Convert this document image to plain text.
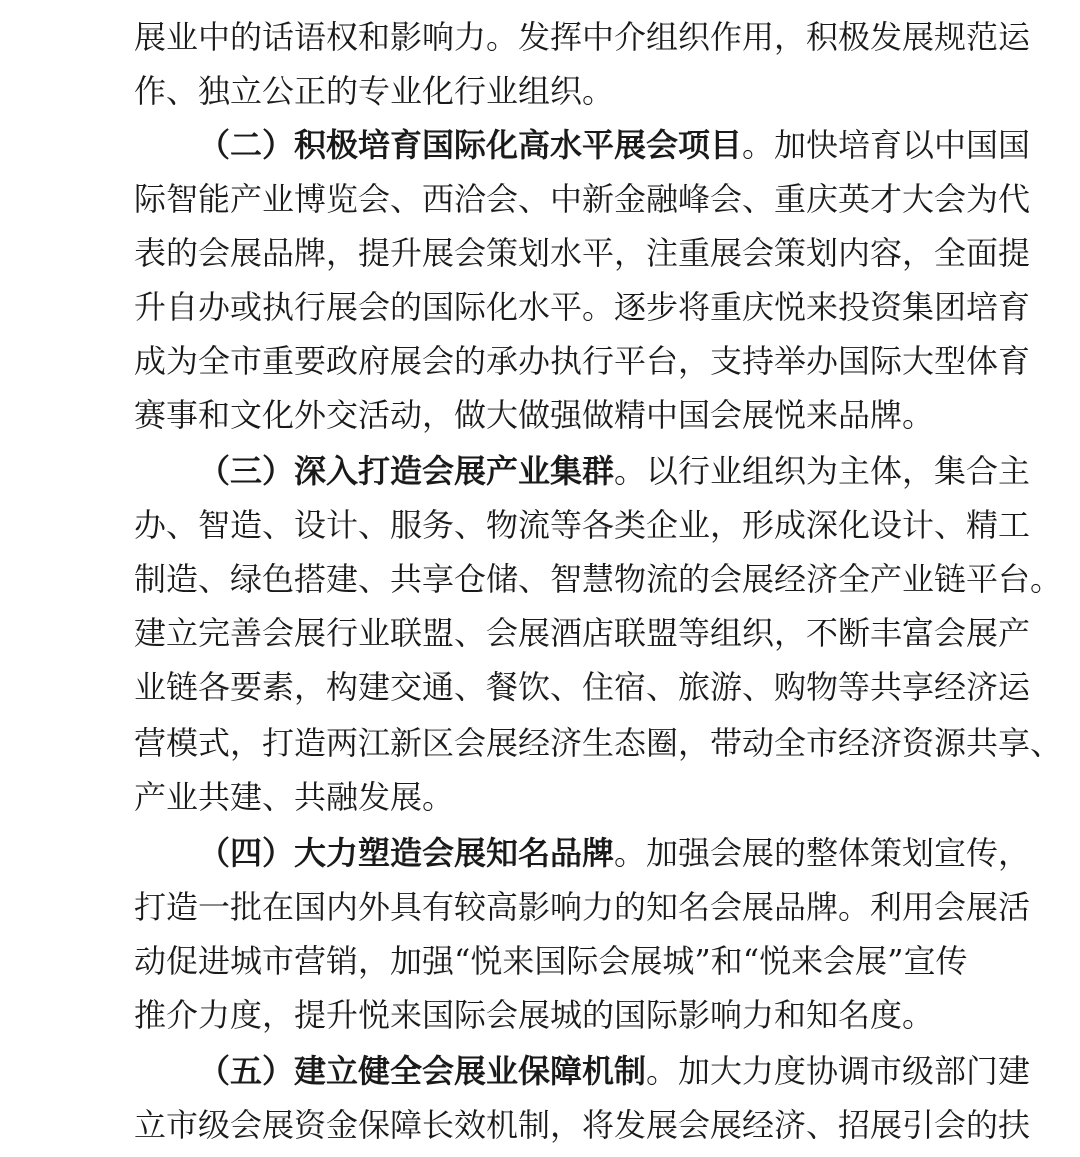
展业中的话语权和影响力。发挥中介组织作用，积极发展规范运
作、独立公正的专业化行业组织。
（二）积极培育国际化高水平展会项目。加快培育以中国国
际智能产业博览会、西洽会、中新金融峰会、重庆英才大会为代
表的会展品牌，提升展会策划水平，注重展会策划内容，全面提
升自办或执行展会的国际化水平。逐步将重庆悦来投资集团培育
成为全市重要政府展会的承办执行平台，支持举办国际大型体育
赛事和文化外交活动，做大做强做精中国会展悦来品牌。
（三）深入打造会展产业集群。以行业组织为主体，集合主
办、智造、设计、服务、物流等各类企业，形成深化设计、精工
制造、绿色搭建、共享仓储、智慧物流的会展经济全产业链平台。
建立完善会展行业联盟、会展酒店联盟等组织，不断丰富会展产
业链各要素，构建交通、餐饮、住宿、旅游、购物等共享经济运
营模式，打造两江新区会展经济生态圈，带动全市经济资源共享、
产业共建、共融发展。
（四）大力塑造会展知名品牌。加强会展的整体策划宣传，
打造一批在国内外具有较高影响力的知名会展品牌。利用会展活
动促进城市营销，加强“悦来国际会展城”和“悦来会展”宣传
推介力度，提升悦来国际会展城的国际影响力和知名度。
（五）建立健全会展业保障机制。加大力度协调市级部门建
立市级会展资金保障长效机制，将发展会展经济、招展引会的扶
